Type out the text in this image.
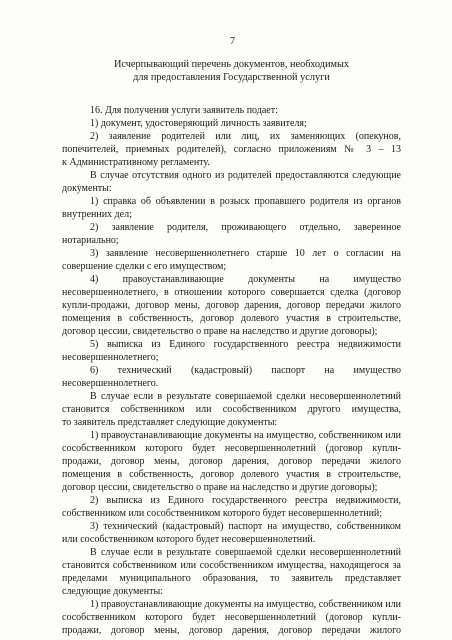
7
Исчерпывающий перечень документов, необходимых
для предоставления Государственной услуги
16. Для получения услуги заявитель подает:
1) документ, удостоверяющий личность заявителя;
2) заявление родителей или лиц, их заменяющих (опекунов,
попечителей, приемных родителей), согласно приложениям № 3 – 13
к Административному регламенту.
В случае отсутствия одного из родителей предоставляются следующие
документы:
1) справка об объявлении в розыск пропавшего родителя из органов
внутренних дел;
2) заявление родителя, проживающего отдельно, заверенное
нотариально;
3) заявление несовершеннолетнего старше 10 лет о согласии на
совершение сделки с его имуществом;
4) правоустанавливающие документы на имущество
несовершеннолетнего, в отношении которого совершается сделка (договор
купли-продажи, договор мены, договор дарения, договор передачи жилого
помещения в собственность, договор долевого участия в строительстве,
договор цессии, свидетельство о праве на наследство и другие договоры);
5) выписка из Единого государственного реестра недвижимости
несовершеннолетнего;
6) технический (кадастровый) паспорт на имущество
несовершеннолетнего.
В случае если в результате совершаемой сделки несовершеннолетний
становится собственником или сособственником другого имущества,
то заявитель представляет следующие документы:
1) правоустанавливающие документы на имущество, собственником или
сособственником которого будет несовершеннолетний (договор купли-
продажи, договор мены, договор дарения, договор передачи жилого
помещения в собственность, договор долевого участия в строительстве,
договор цессии, свидетельство о праве на наследство и другие договоры);
2) выписка из Единого государственного реестра недвижимости,
собственником или сособственником которого будет несовершеннолетний;
3) технический (кадастровый) паспорт на имущество, собственником
или сособственником которого будет несовершеннолетний.
В случае если в результате совершаемой сделки несовершеннолетний
становится собственником или сособственником имущества, находящегося за
пределами муниципального образования, то заявитель представляет
следующие документы:
1) правоустанавливающие документы на имущество, собственником или
сособственником которого будет несовершеннолетний (договор купли-
продажи, договор мены, договор дарения, договор передачи жилого
